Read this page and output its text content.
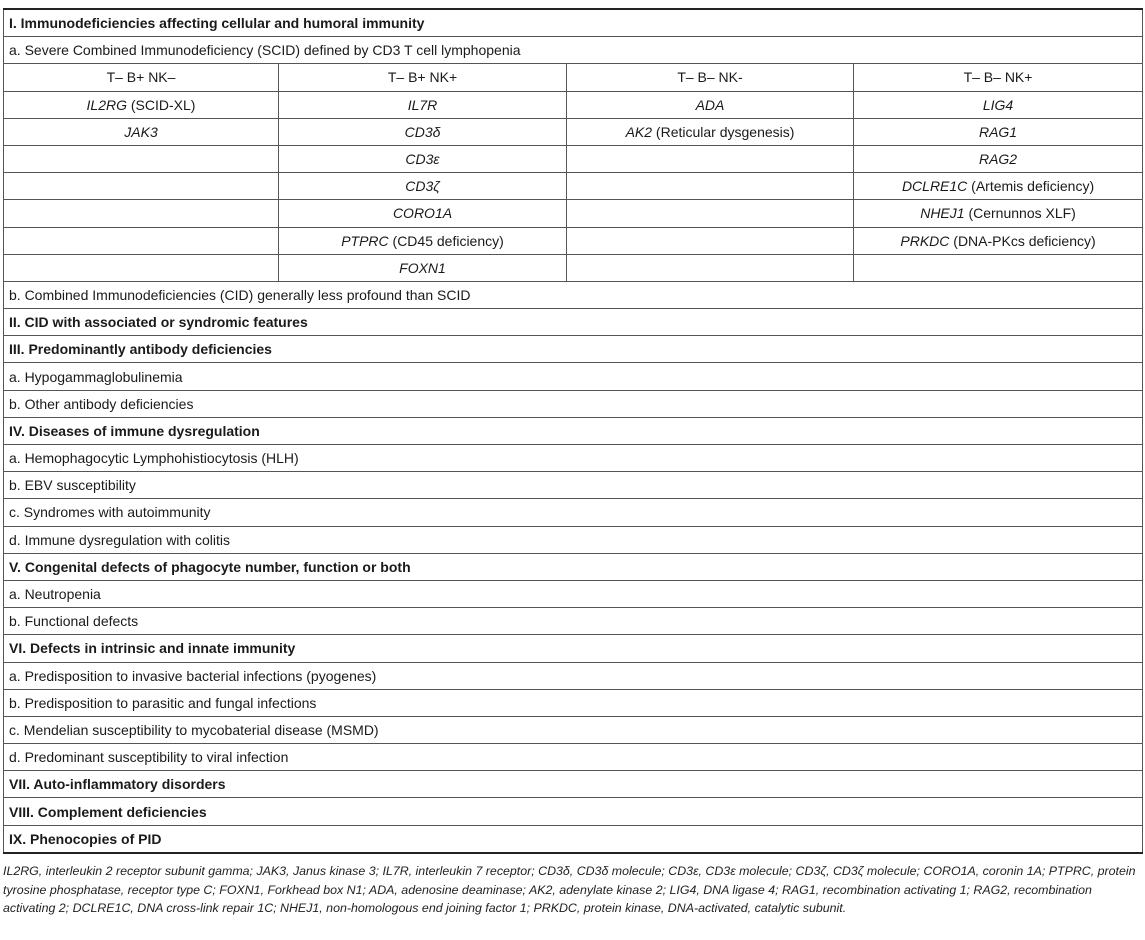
I. Immunodeficiencies affecting cellular and humoral immunity			
a. Severe Combined Immunodeficiency (SCID) defined by CD3 T cell lymphopenia			
T– B+ NK–	T– B+ NK+	T– B– NK-	T– B– NK+
IL2RG (SCID-XL)	IL7R	ADA	LIG4
JAK3	CD3δ	AK2 (Reticular dysgenesis)	RAG1
	CD3ε		RAG2
	CD3ζ		DCLRE1C (Artemis deficiency)
	CORO1A		NHEJ1 (Cernunnos XLF)
	PTPRC (CD45 deficiency)		PRKDC (DNA-PKcs deficiency)
	FOXN1		
b. Combined Immunodeficiencies (CID) generally less profound than SCID			
II. CID with associated or syndromic features			
III. Predominantly antibody deficiencies			
a. Hypogammaglobulinemia			
b. Other antibody deficiencies			
IV. Diseases of immune dysregulation			
a. Hemophagocytic Lymphohistiocytosis (HLH)			
b. EBV susceptibility			
c. Syndromes with autoimmunity			
d. Immune dysregulation with colitis			
V. Congenital defects of phagocyte number, function or both			
a. Neutropenia			
b. Functional defects			
VI. Defects in intrinsic and innate immunity			
a. Predisposition to invasive bacterial infections (pyogenes)			
b. Predisposition to parasitic and fungal infections			
c. Mendelian susceptibility to mycobaterial disease (MSMD)			
d. Predominant susceptibility to viral infection			
VII. Auto-inflammatory disorders			
VIII. Complement deficiencies			
IX. Phenocopies of PID			
IL2RG, interleukin 2 receptor subunit gamma; JAK3, Janus kinase 3; IL7R, interleukin 7 receptor; CD3δ, CD3δ molecule; CD3ε, CD3ε molecule; CD3ζ, CD3ζ molecule; CORO1A, coronin 1A; PTPRC, protein tyrosine phosphatase, receptor type C; FOXN1, Forkhead box N1; ADA, adenosine deaminase; AK2, adenylate kinase 2; LIG4, DNA ligase 4; RAG1, recombination activating 1; RAG2, recombination activating 2; DCLRE1C, DNA cross-link repair 1C; NHEJ1, non-homologous end joining factor 1; PRKDC, protein kinase, DNA-activated, catalytic subunit.
